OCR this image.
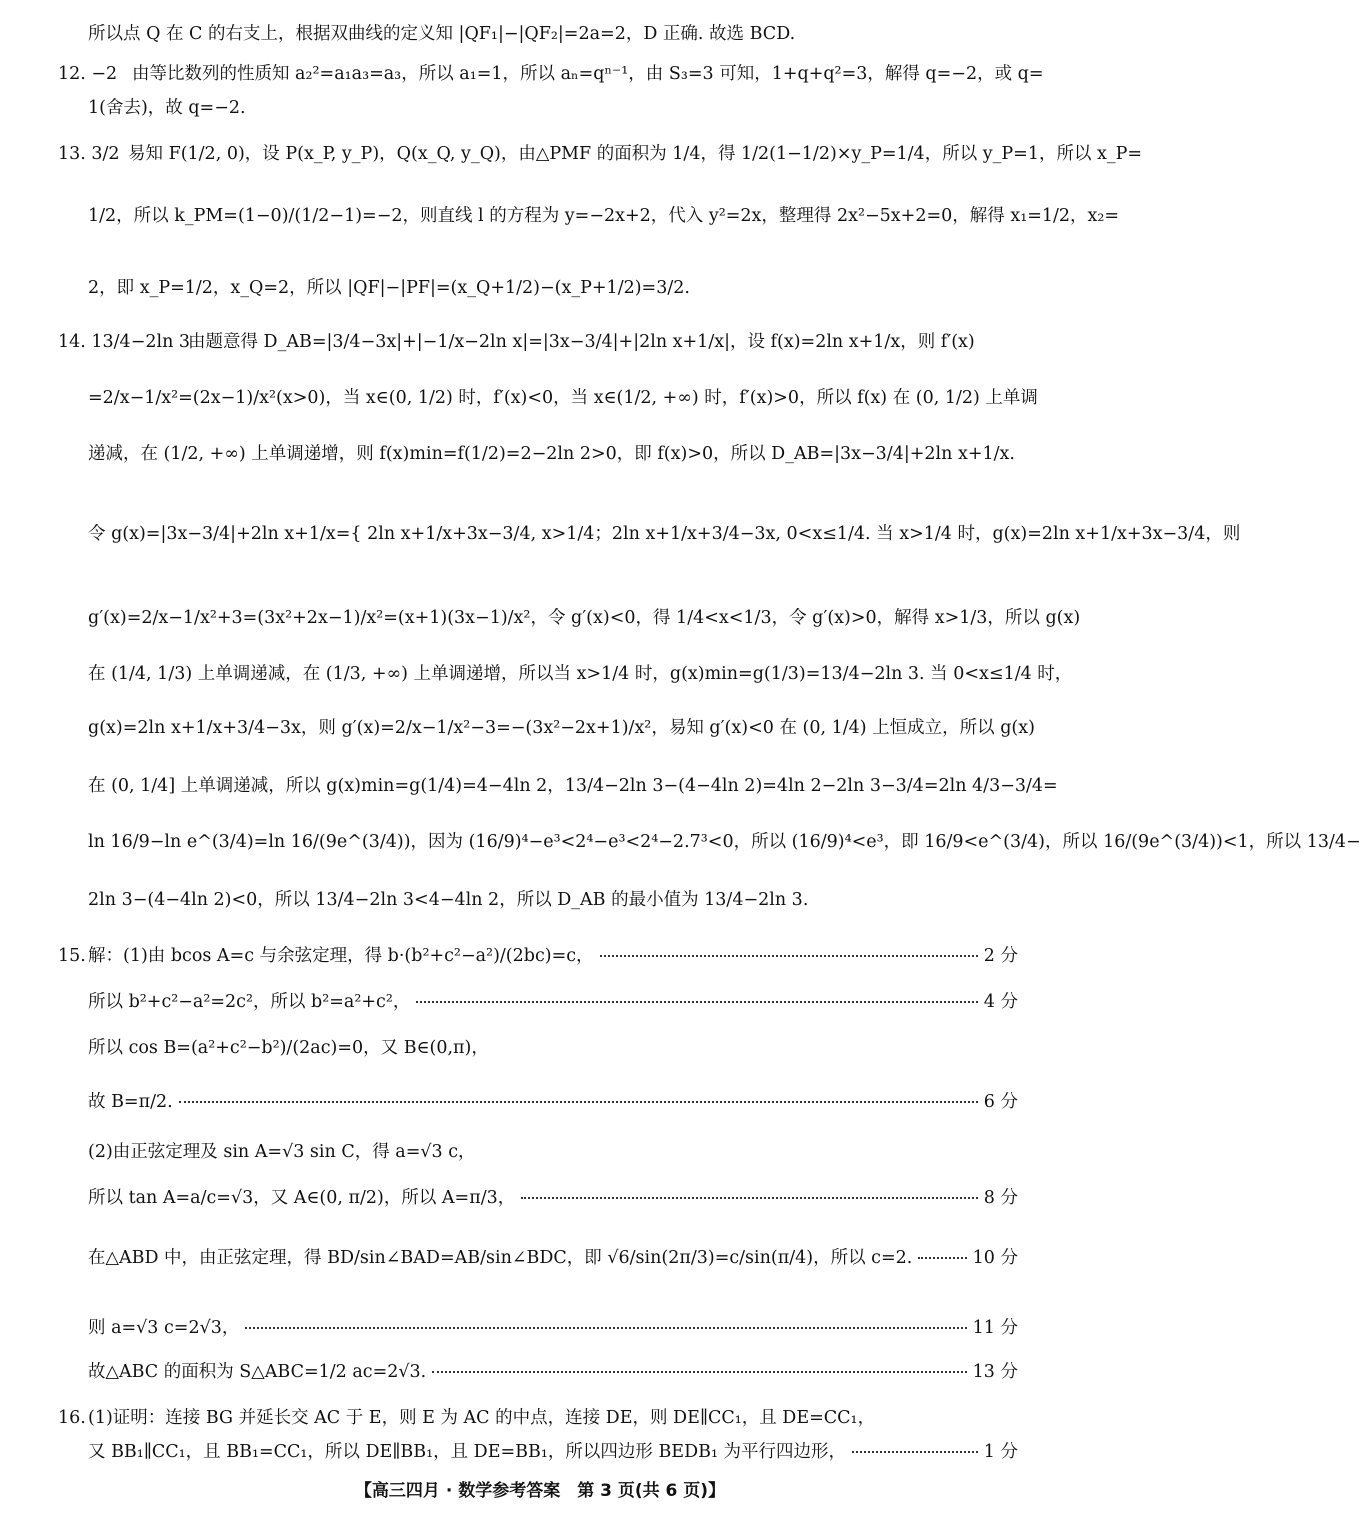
所以点 Q 在 C 的右支上，根据双曲线的定义知 |QF₁|−|QF₂|=2a=2，D 正确. 故选 BCD.
12. −2 由等比数列的性质知 a₂²=a₁a₃=a₃，所以 a₁=1，所以 aₙ=qⁿ⁻¹，由 S₃=3 可知，1+q+q²=3，解得 q=−2，或 q=
1(舍去)，故 q=−2.
13. 3/2 易知 F(1/2, 0)，设 P(x_P, y_P)，Q(x_Q, y_Q)，由△PMF 的面积为 1/4，得 1/2(1−1/2)×y_P=1/4，所以 y_P=1，所以 x_P=
1/2，所以 k_PM=(1−0)/(1/2−1)=−2，则直线 l 的方程为 y=−2x+2，代入 y²=2x，整理得 2x²−5x+2=0，解得 x₁=1/2，x₂=
2，即 x_P=1/2，x_Q=2，所以 |QF|−|PF|=(x_Q+1/2)−(x_P+1/2)=3/2.
14. 13/4−2ln 3
由题意得 D_AB=|3/4−3x|+|−1/x−2ln x|=|3x−3/4|+|2ln x+1/x|，设 f(x)=2ln x+1/x，则 f′(x)
=2/x−1/x²=(2x−1)/x²(x>0)，当 x∈(0, 1/2) 时，f′(x)<0，当 x∈(1/2, +∞) 时，f′(x)>0，所以 f(x) 在 (0, 1/2) 上单调
递减，在 (1/2, +∞) 上单调递增，则 f(x)min=f(1/2)=2−2ln 2>0，即 f(x)>0，所以 D_AB=|3x−3/4|+2ln x+1/x.
令 g(x)=|3x−3/4|+2ln x+1/x={ 2ln x+1/x+3x−3/4, x>1/4；2ln x+1/x+3/4−3x, 0<x≤1/4. 当 x>1/4 时，g(x)=2ln x+1/x+3x−3/4，则
g′(x)=2/x−1/x²+3=(3x²+2x−1)/x²=(x+1)(3x−1)/x²，令 g′(x)<0，得 1/4<x<1/3，令 g′(x)>0，解得 x>1/3，所以 g(x)
在 (1/4, 1/3) 上单调递减，在 (1/3, +∞) 上单调递增，所以当 x>1/4 时，g(x)min=g(1/3)=13/4−2ln 3. 当 0<x≤1/4 时，
g(x)=2ln x+1/x+3/4−3x，则 g′(x)=2/x−1/x²−3=−(3x²−2x+1)/x²，易知 g′(x)<0 在 (0, 1/4) 上恒成立，所以 g(x)
在 (0, 1/4] 上单调递减，所以 g(x)min=g(1/4)=4−4ln 2，13/4−2ln 3−(4−4ln 2)=4ln 2−2ln 3−3/4=2ln 4/3−3/4=
ln 16/9−ln e^(3/4)=ln 16/(9e^(3/4))，因为 (16/9)⁴−e³<2⁴−e³<2⁴−2.7³<0，所以 (16/9)⁴<e³，即 16/9<e^(3/4)，所以 16/(9e^(3/4))<1，所以 13/4−
2ln 3−(4−4ln 2)<0，所以 13/4−2ln 3<4−4ln 2，所以 D_AB 的最小值为 13/4−2ln 3.
15. 解：(1)由 bcos A=c 与余弦定理，得 b·(b²+c²−a²)/(2bc)=c，	2 分
所以 b²+c²−a²=2c²，所以 b²=a²+c²，	4 分
所以 cos B=(a²+c²−b²)/(2ac)=0，又 B∈(0,π)，
故 B=π/2.	6 分
(2)由正弦定理及 sin A=√3 sin C，得 a=√3 c，
所以 tan A=a/c=√3，又 A∈(0, π/2)，所以 A=π/3，	8 分
在△ABD 中，由正弦定理，得 BD/sin∠BAD=AB/sin∠BDC，即 √6/sin(2π/3)=c/sin(π/4)，所以 c=2.	10 分
则 a=√3 c=2√3，	11 分
故△ABC 的面积为 S△ABC=1/2 ac=2√3.	13 分
16. (1)证明：连接 BG 并延长交 AC 于 E，则 E 为 AC 的中点，连接 DE，则 DE∥CC₁，且 DE=CC₁，
又 BB₁∥CC₁，且 BB₁=CC₁，所以 DE∥BB₁，且 DE=BB₁，所以四边形 BEDB₁ 为平行四边形，	1 分
【高三四月 · 数学参考答案　第 3 页(共 6 页)】
